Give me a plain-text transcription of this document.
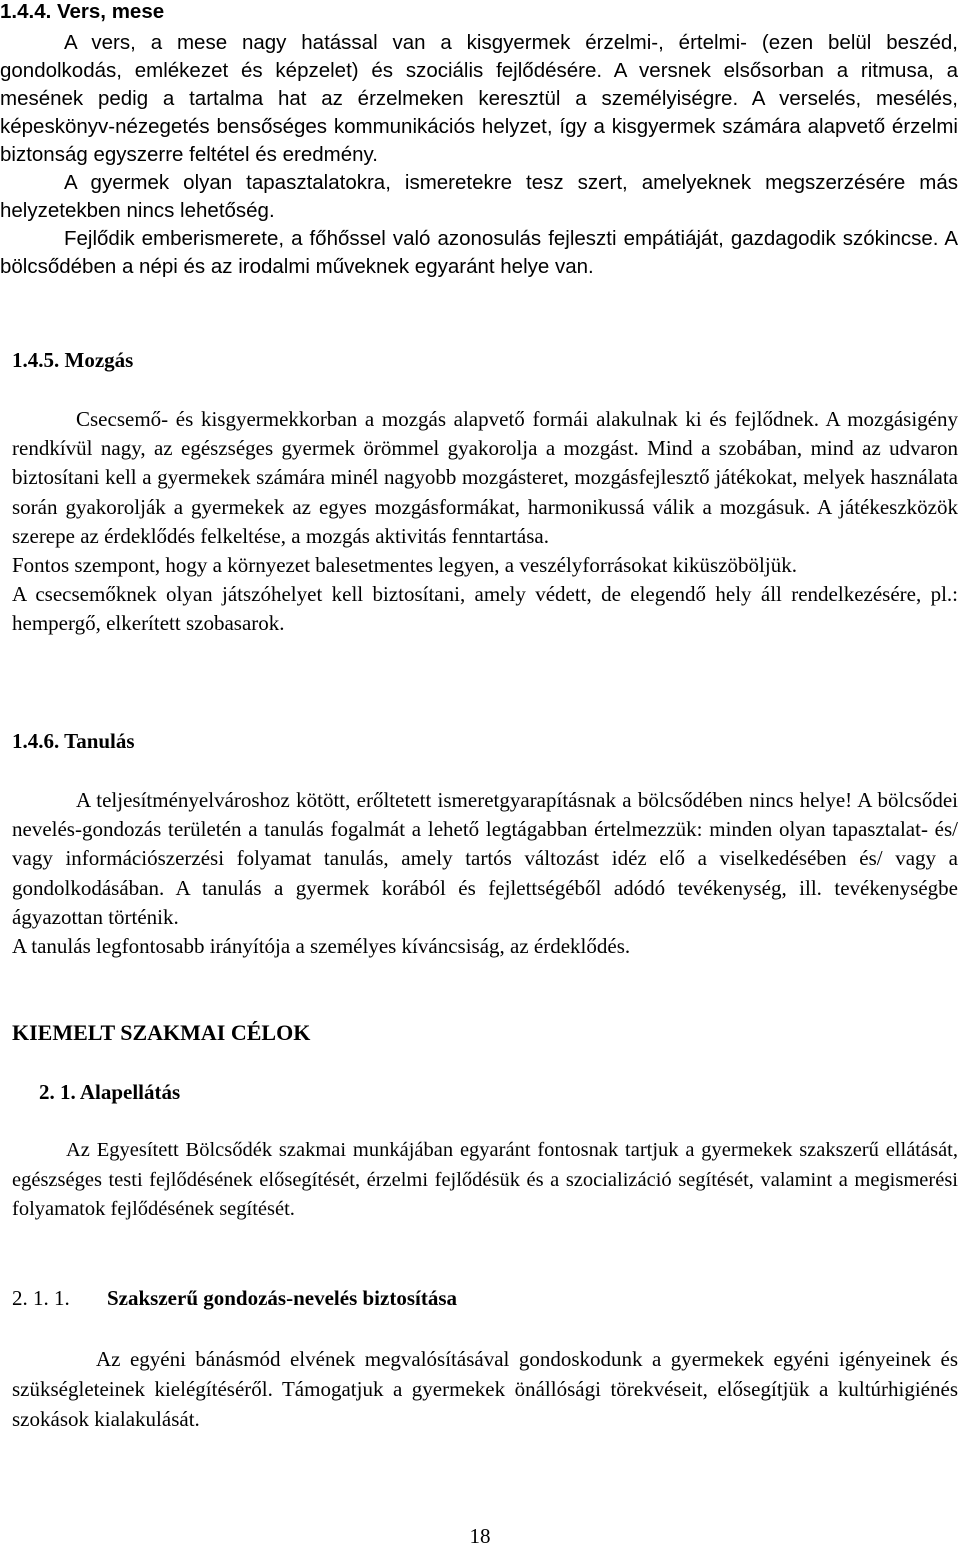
1.4.4. Vers, mese

A vers, a mese nagy hatással van a kisgyermek érzelmi-, értelmi- (ezen belül beszéd, gondolkodás, emlékezet és képzelet) és szociális fejlődésére. A versnek elsősorban a ritmusa, a mesének pedig a tartalma hat az érzelmeken keresztül a személyiségre. A verselés, mesélés, képeskönyv-nézegetés bensőséges kommunikációs helyzet, így a kisgyermek számára alapvető érzelmi biztonság egyszerre feltétel és eredmény.

A gyermek olyan tapasztalatokra, ismeretekre tesz szert, amelyeknek megszerzésére más helyzetekben nincs lehetőség.

Fejlődik emberismerete, a főhőssel való azonosulás fejleszti empátiáját, gazdagodik szókincse. A bölcsődében a népi és az irodalmi műveknek egyaránt helye van.

1.4.5. Mozgás

Csecsemő- és kisgyermekkorban a mozgás alapvető formái alakulnak ki és fejlődnek. A mozgásigény rendkívül nagy, az egészséges gyermek örömmel gyakorolja a mozgást. Mind a szobában, mind az udvaron biztosítani kell a gyermekek számára minél nagyobb mozgásteret, mozgásfejlesztő játékokat, melyek használata során gyakorolják a gyermekek az egyes mozgásformákat, harmonikussá válik a mozgásuk. A játékeszközök szerepe az érdeklődés felkeltése, a mozgás aktivitás fenntartása.

Fontos szempont, hogy a környezet balesetmentes legyen, a veszélyforrásokat kiküszöböljük.

A csecsemőknek olyan játszóhelyet kell biztosítani, amely védett, de elegendő hely áll rendelkezésére, pl.: hempergő, elkerített szobasarok.

1.4.6. Tanulás

A teljesítményelvároshoz kötött, erőltetett ismeretgyarapításnak a bölcsődében nincs helye! A bölcsődei nevelés-gondozás területén a tanulás fogalmát a lehető legtágabban értelmezzük: minden olyan tapasztalat- és/ vagy információszerzési folyamat tanulás, amely tartós változást idéz elő a viselkedésében és/ vagy a gondolkodásában. A tanulás a gyermek korából és fejlettségéből adódó tevékenység, ill. tevékenységbe ágyazottan történik.

A tanulás legfontosabb irányítója a személyes kíváncsiság, az érdeklődés.

KIEMELT SZAKMAI CÉLOK
2. 1. Alapellátás

Az Egyesített Bölcsődék szakmai munkájában egyaránt fontosnak tartjuk a gyermekek szakszerű ellátását, egészséges testi fejlődésének elősegítését, érzelmi fejlődésük és a szocializáció segítését, valamint a megismerési folyamatok fejlődésének segítését.

2. 1. 1. Szakszerű gondozás-nevelés biztosítása

Az egyéni bánásmód elvének megvalósításával gondoskodunk a gyermekek egyéni igényeinek és szükségleteinek kielégítéséről. Támogatjuk a gyermekek önállósági törekvéseit, elősegítjük a kultúrhigiénés szokások kialakulását.

18
